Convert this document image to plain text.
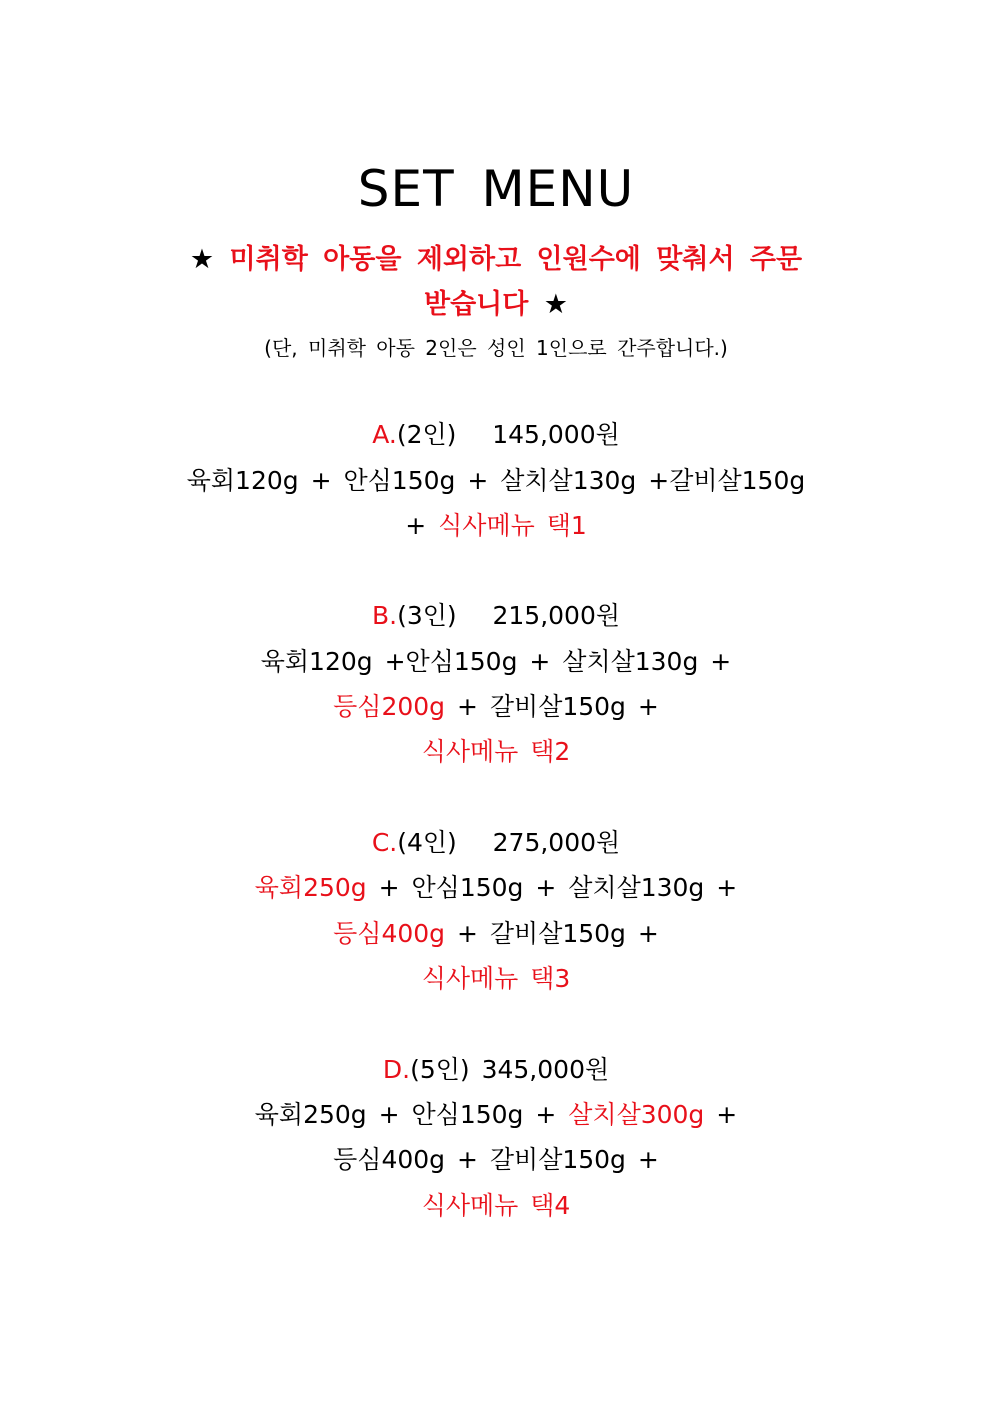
SET MENU
★ 미취학 아동을 제외하고 인원수에 맞춰서 주문
받습니다 ★
(단, 미취학 아동 2인은 성인 1인으로 간주합니다.)
A.(2인) 145,000원
육회120g + 안심150g + 살치살130g +갈비살150g
+ 식사메뉴 택1
B.(3인) 215,000원
육회120g +안심150g + 살치살130g +
등심200g + 갈비살150g +
식사메뉴 택2
C.(4인) 275,000원
육회250g + 안심150g + 살치살130g +
등심400g + 갈비살150g +
식사메뉴 택3
D.(5인) 345,000원
육회250g + 안심150g + 살치살300g +
등심400g + 갈비살150g +
식사메뉴 택4
